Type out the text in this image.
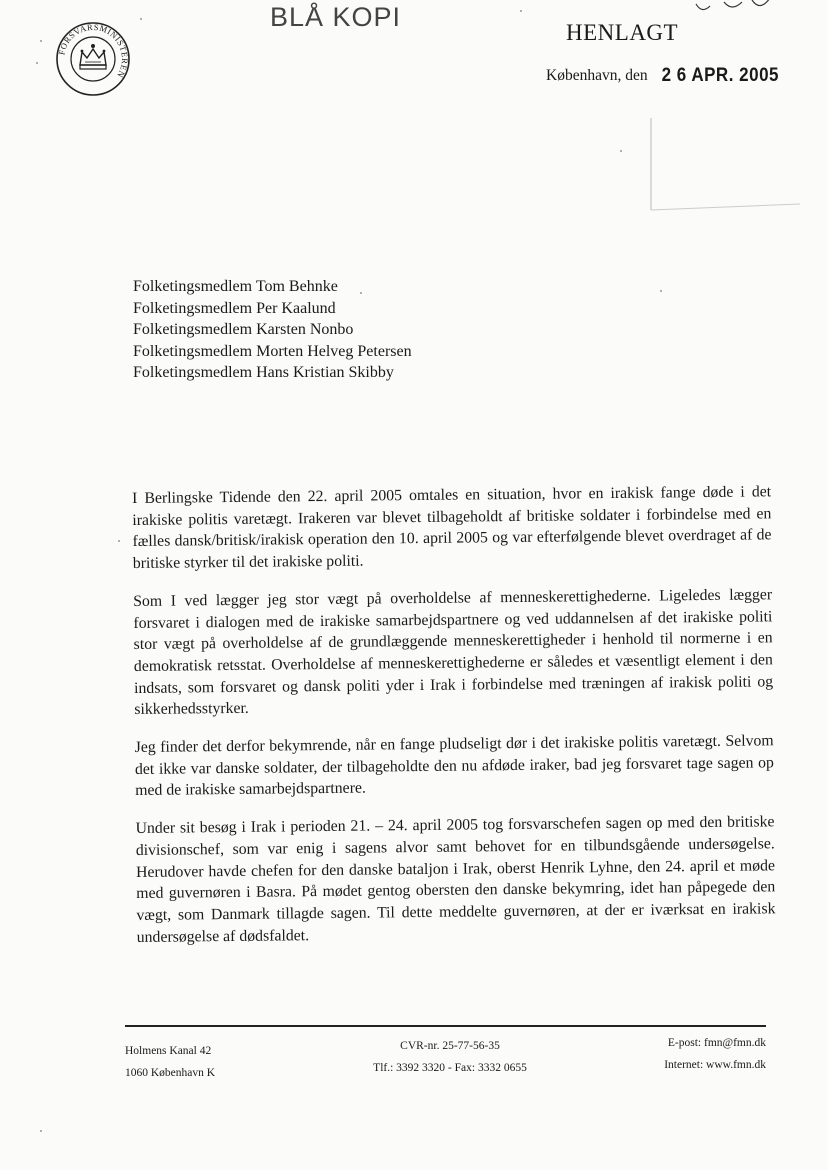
FORSVARSMINISTEREN
BLÅ KOPI
HENLAGT
København, den 2 6 APR. 2005
Folketingsmedlem Tom Behnke
Folketingsmedlem Per Kaalund
Folketingsmedlem Karsten Nonbo
Folketingsmedlem Morten Helveg Petersen
Folketingsmedlem Hans Kristian Skibby

I Berlingske Tidende den 22. april 2005 omtales en situation, hvor en irakisk fange døde i det irakiske politis varetægt. Irakeren var blevet tilbageholdt af britiske soldater i forbindelse med en fælles dansk/britisk/irakisk operation den 10. april 2005 og var efterfølgende blevet overdraget af de britiske styrker til det irakiske politi.

Som I ved lægger jeg stor vægt på overholdelse af menneskerettighederne. Ligeledes lægger forsvaret i dialogen med de irakiske samarbejdspartnere og ved uddannelsen af det irakiske politi stor vægt på overholdelse af de grundlæggende menneskerettigheder i henhold til normerne i en demokratisk retsstat. Overholdelse af menneskerettighederne er således et væsentligt element i den indsats, som forsvaret og dansk politi yder i Irak i forbindelse med træningen af irakisk politi og sikkerhedsstyrker.

Jeg finder det derfor bekymrende, når en fange pludseligt dør i det irakiske politis varetægt. Selvom det ikke var danske soldater, der tilbageholdte den nu afdøde iraker, bad jeg forsvaret tage sagen op med de irakiske samarbejdspartnere.

Under sit besøg i Irak i perioden 21. – 24. april 2005 tog forsvarschefen sagen op med den britiske divisionschef, som var enig i sagens alvor samt behovet for en tilbundsgående undersøgelse. Herudover havde chefen for den danske bataljon i Irak, oberst Henrik Lyhne, den 24. april et møde med guvernøren i Basra. På mødet gentog obersten den danske bekymring, idet han påpegede den vægt, som Danmark tillagde sagen. Til dette meddelte guvernøren, at der er iværksat en irakisk undersøgelse af dødsfaldet.

Holmens Kanal 42
1060 København K
CVR-nr. 25-77-56-35
Tlf.: 3392 3320 - Fax: 3332 0655
E-post: fmn@fmn.dk
Internet: www.fmn.dk
